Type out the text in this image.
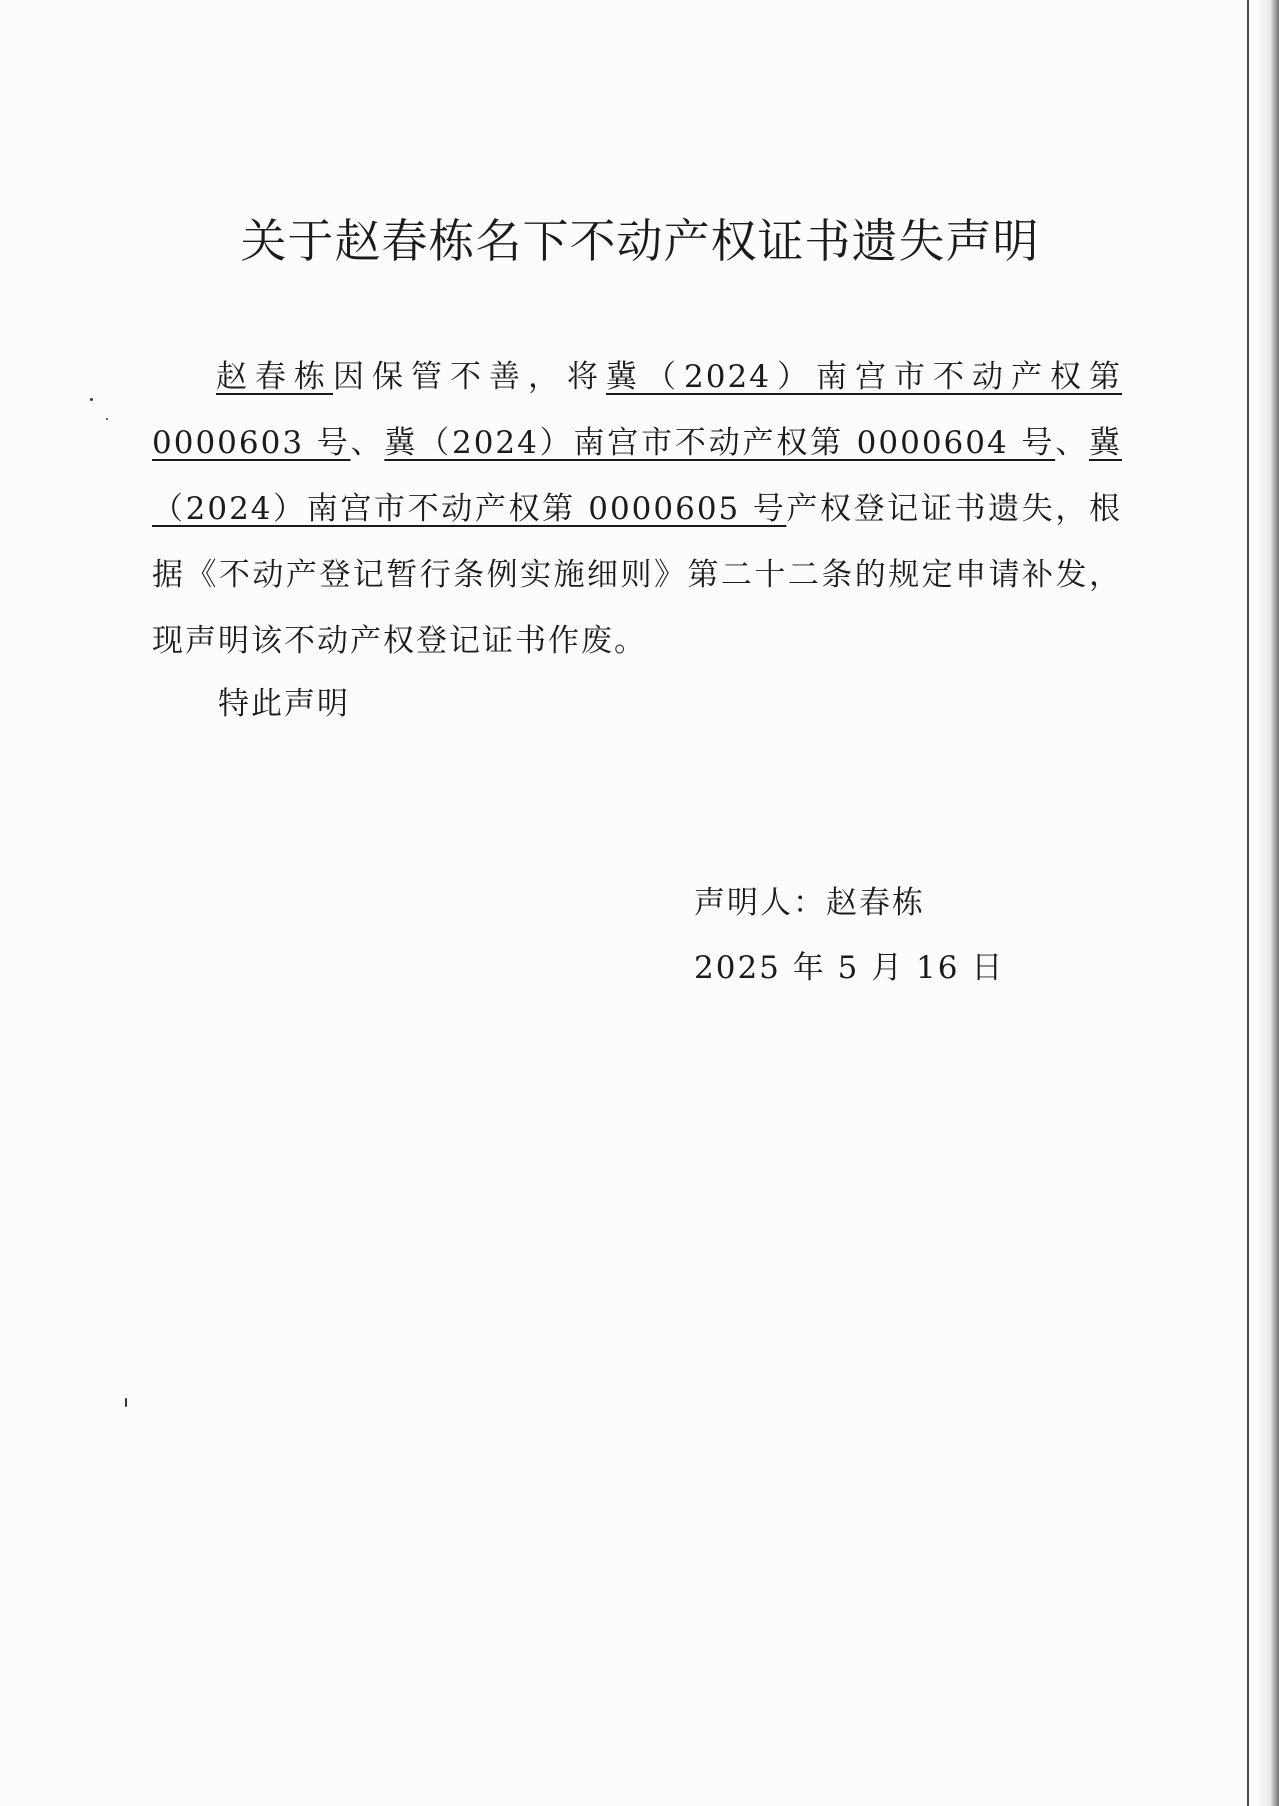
关于赵春栋名下不动产权证书遗失声明
赵春栋因保管不善，将冀（2024）南宫市不动产权第 0000603 号、冀（2024）南宫市不动产权第 0000604 号、冀（2024）南宫市不动产权第 0000605 号产权登记证书遗失，根据《不动产登记暂行条例实施细则》第二十二条的规定申请补发，现声明该不动产权登记证书作废。
特此声明
声明人：赵春栋
2025 年 5 月 16 日
